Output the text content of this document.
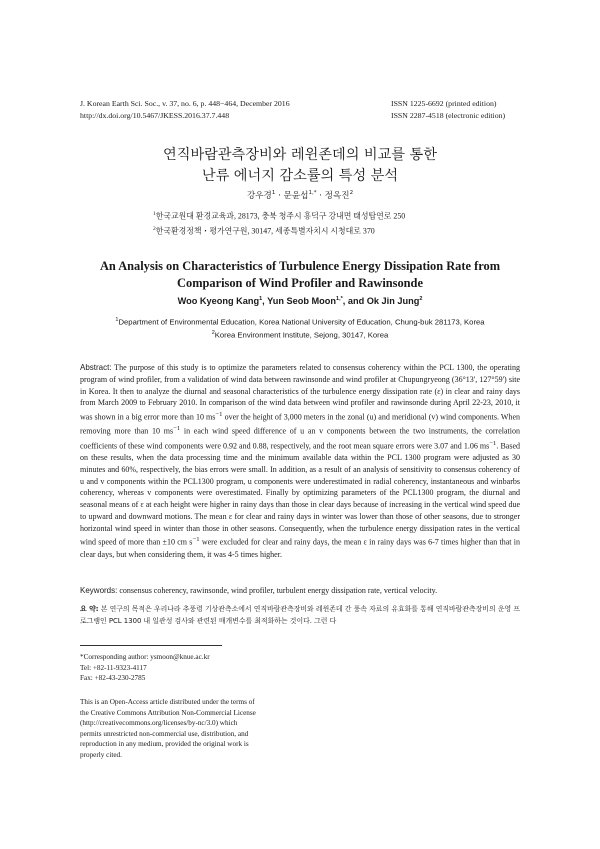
J. Korean Earth Sci. Soc., v. 37, no. 6, p. 448−464, December 2016
http://dx.doi.org/10.5467/JKESS.2016.37.7.448
ISSN 1225-6692 (printed edition)
ISSN 2287-4518 (electronic edition)
연직바람관측장비와 레윈존데의 비교를 통한
난류 에너지 감소률의 특성 분석
강우경$^1$ · 문윤섭$^{1,*}$ · 정옥진$^2$
$^1$한국교원대 환경교육과, 28173, 충북 청주시 흥덕구 강내면 태성탑연로 250
$^2$한국환경정책・평가연구원, 30147, 세종특별자치시 시청대로 370
An Analysis on Characteristics of Turbulence Energy Dissipation Rate from
Comparison of Wind Profiler and Rawinsonde
Woo Kyeong Kang$^1$, Yun Seob Moon$^{1,*}$, and Ok Jin Jung$^2$
$^1$Department of Environmental Education, Korea National University of Education, Chung-buk 281173, Korea
$^2$Korea Environment Institute, Sejong, 30147, Korea
Abstract: The purpose of this study is to optimize the parameters related to consensus coherency within the PCL 1300, the operating program of wind profiler, from a validation of wind data between rawinsonde and wind profiler at Chupungryeong (36°13', 127°59') site in Korea. It then to analyze the diurnal and seasonal characteristics of the turbulence energy dissipation rate (ε) in clear and rainy days from March 2009 to February 2010. In comparison of the wind data between wind profiler and rawinsonde during April 22-23, 2010, it was shown in a big error more than 10 $ms^{-1}$ over the height of 3,000 meters in the zonal (u) and meridional (v) wind components. When removing more than 10 $ms^{-1}$ in each wind speed difference of u an v components between the two instruments, the correlation coefficients of these wind components were 0.92 and 0.88, respectively, and the root mean square errors were 3.07 and 1.06 $ms^{-1}$. Based on these results, when the data processing time and the minimum available data within the PCL 1300 program were adjusted as 30 minutes and 60%, respectively, the bias errors were small. In addition, as a result of an analysis of sensitivity to consensus coherency of u and v components within the PCL1300 program, u components were underestimated in radial coherency, instantaneous and winbarbs coherency, whereas v components were overestimated. Finally by optimizing parameters of the PCL1300 program, the diurnal and seasonal means of ε at each height were higher in rainy days than those in clear days because of increasing in the vertical wind speed due to upward and downward motions. The mean ε for clear and rainy days in winter was lower than those of other seasons, due to stronger horizontal wind speed in winter than those in other seasons. Consequently, when the turbulence energy dissipation rates in the vertical wind speed of more than ±10 cm $s^{-1}$ were excluded for clear and rainy days, the mean ε in rainy days was 6-7 times higher than that in clear days, but when considering them, it was 4-5 times higher.
Keywords: consensus coherency, rawinsonde, wind profiler, turbulent energy dissipation rate, vertical velocity.
요 약: 본 연구의 목적은 우리나라 추풍령 기상관측소에서 연직바람관측장비와 레윈존데 간 풍속 자료의 유효화를 통해 연직바람관측장비의 운영 프로그램인 PCL 1300 내 일관성 검사와 관련된 매개변수를 최적화하는 것이다. 그런 다
*Corresponding author: ysmoon@knue.ac.kr
Tel: +82-11-9323-4117
Fax: +82-43-230-2785
This is an Open-Access article distributed under the terms of the Creative Commons Attribution Non-Commercial License (http://creativecommons.org/licenses/by-nc/3.0) which permits unrestricted non-commercial use, distribution, and reproduction in any medium, provided the original work is properly cited.
